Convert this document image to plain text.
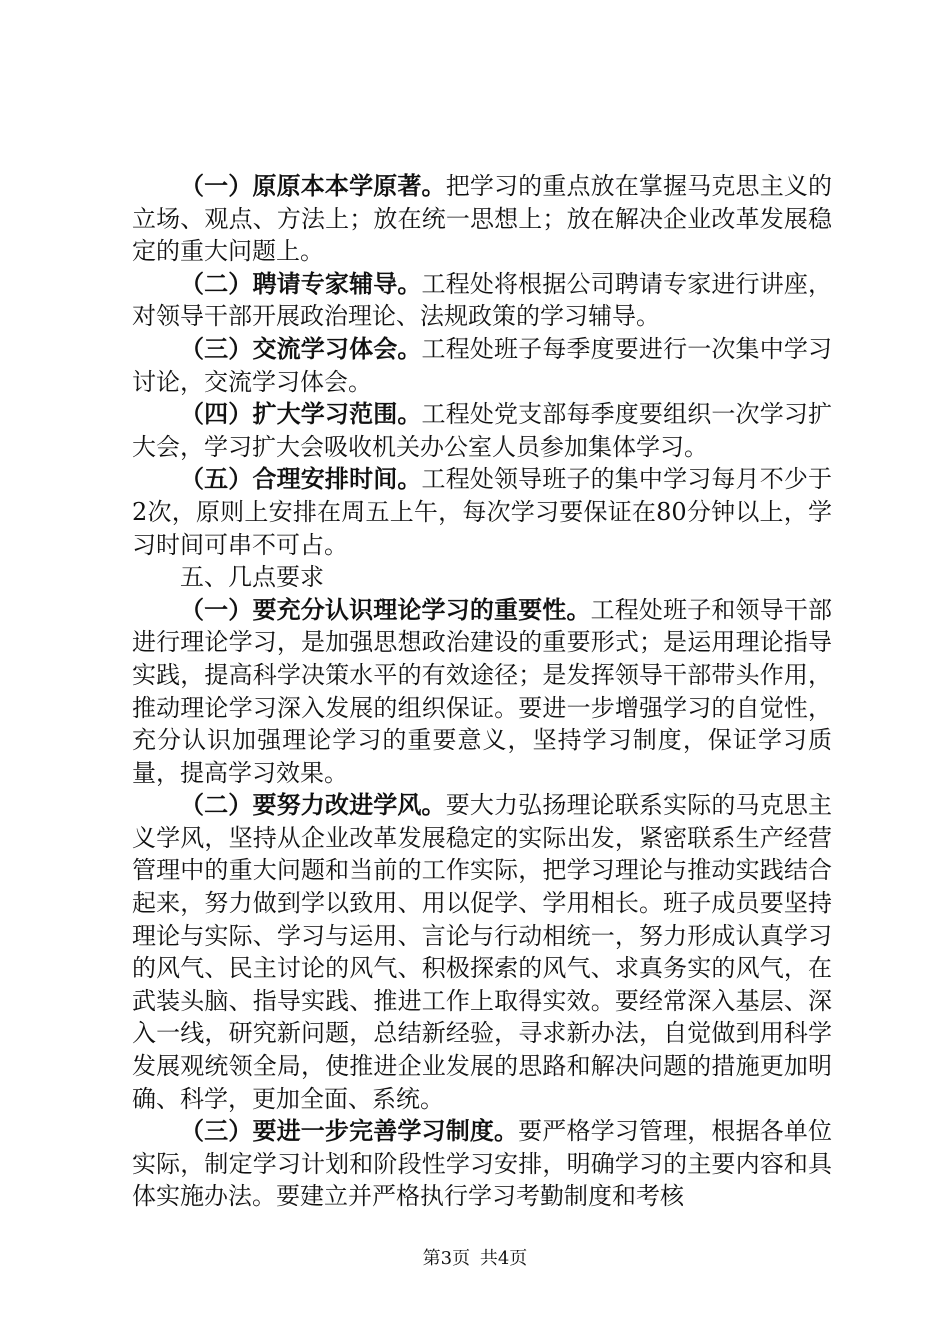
（一）原原本本学原著。把学习的重点放在掌握马克思主义的立场、观点、方法上；放在统一思想上；放在解决企业改革发展稳定的重大问题上。

（二）聘请专家辅导。工程处将根据公司聘请专家进行讲座，对领导干部开展政治理论、法规政策的学习辅导。

（三）交流学习体会。工程处班子每季度要进行一次集中学习讨论，交流学习体会。

（四）扩大学习范围。工程处党支部每季度要组织一次学习扩大会，学习扩大会吸收机关办公室人员参加集体学习。

（五）合理安排时间。工程处领导班子的集中学习每月不少于2次，原则上安排在周五上午，每次学习要保证在80分钟以上，学习时间可串不可占。

五、几点要求

（一）要充分认识理论学习的重要性。工程处班子和领导干部进行理论学习，是加强思想政治建设的重要形式；是运用理论指导实践，提高科学决策水平的有效途径；是发挥领导干部带头作用，推动理论学习深入发展的组织保证。要进一步增强学习的自觉性，充分认识加强理论学习的重要意义，坚持学习制度，保证学习质量，提高学习效果。

（二）要努力改进学风。要大力弘扬理论联系实际的马克思主义学风，坚持从企业改革发展稳定的实际出发，紧密联系生产经营管理中的重大问题和当前的工作实际，把学习理论与推动实践结合起来，努力做到学以致用、用以促学、学用相长。班子成员要坚持理论与实际、学习与运用、言论与行动相统一，努力形成认真学习的风气、民主讨论的风气、积极探索的风气、求真务实的风气，在武装头脑、指导实践、推进工作上取得实效。要经常深入基层、深入一线，研究新问题，总结新经验，寻求新办法，自觉做到用科学发展观统领全局，使推进企业发展的思路和解决问题的措施更加明确、科学，更加全面、系统。

（三）要进一步完善学习制度。要严格学习管理，根据各单位实际，制定学习计划和阶段性学习安排，明确学习的主要内容和具体实施办法。要建立并严格执行学习考勤制度和考核

第3页 共4页
